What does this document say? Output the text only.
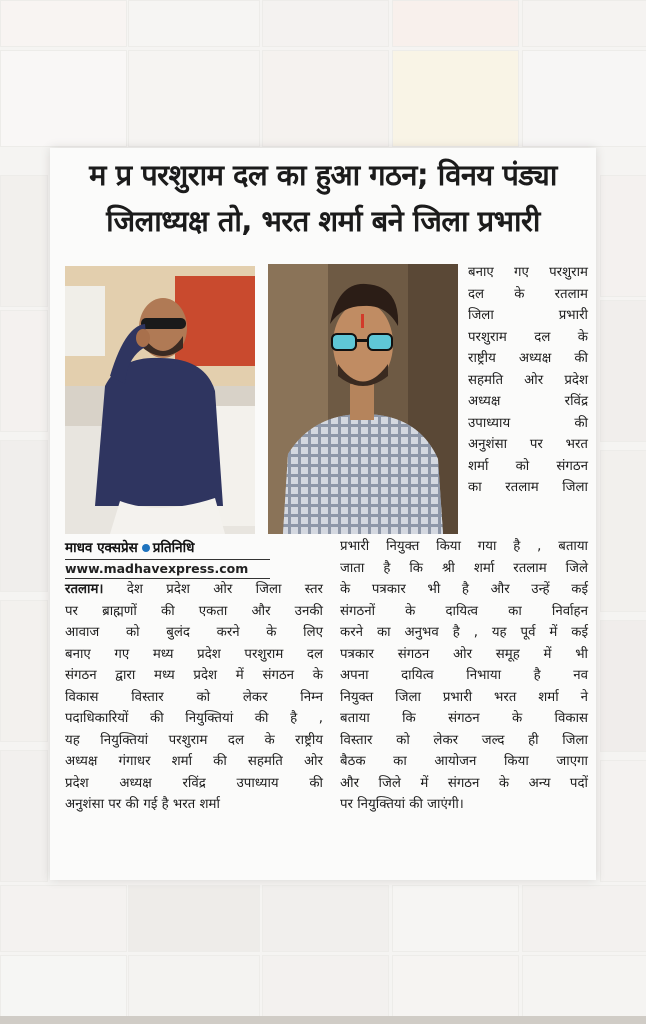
म प्र परशुराम दल का हुआ गठन; विनय पंड्या
जिलाध्यक्ष तो, भरत शर्मा बने जिला प्रभारी
बनाए गए परशुराम
दल के रतलाम
जिला प्रभारी
परशुराम दल के
राष्ट्रीय अध्यक्ष की
सहमति ओर प्रदेश
अध्यक्ष रविंद्र
उपाध्याय की
अनुशंसा पर भरत
शर्मा को संगठन
का रतलाम जिला
माधव एक्सप्रेस प्रतिनिधि
www.madhavexpress.com
रतलाम। देश प्रदेश ओर जिला स्तर
पर ब्राह्मणों की एकता और उनकी
आवाज को बुलंद करने के लिए
बनाए गए मध्य प्रदेश परशुराम दल
संगठन द्वारा मध्य प्रदेश में संगठन के
विकास विस्तार को लेकर निम्न
पदाधिकारियों की नियुक्तियां की है ,
यह नियुक्तियां परशुराम दल के राष्ट्रीय
अध्यक्ष गंगाधर शर्मा की सहमति ओर
प्रदेश अध्यक्ष रविंद्र उपाध्याय की
अनुशंसा पर की गई है भरत शर्मा
प्रभारी नियुक्त किया गया है , बताया
जाता है कि श्री शर्मा रतलाम जिले
के पत्रकार भी है और उन्हें कई
संगठनों के दायित्व का निर्वाहन
करने का अनुभव है , यह पूर्व में कई
पत्रकार संगठन ओर समूह में भी
अपना दायित्व निभाया है नव
नियुक्त जिला प्रभारी भरत शर्मा ने
बताया कि संगठन के विकास
विस्तार को लेकर जल्द ही जिला
बैठक का आयोजन किया जाएगा
और जिले में संगठन के अन्य पदों
पर नियुक्तियां की जाएंगी।
